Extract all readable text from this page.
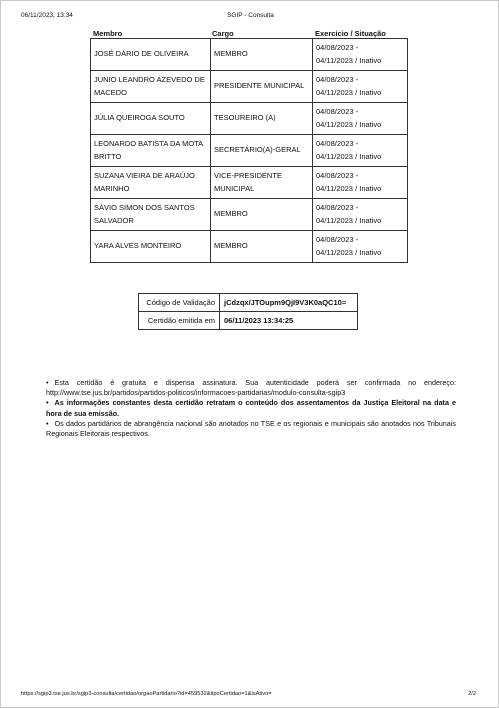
06/11/2023, 13:34	SGIP - Consulta
Membro	Cargo	Exercício / Situação
JOSÉ DÁRIO DE OLIVEIRA	MEMBRO	04/08/2023 -
04/11/2023 / Inativo

JUNIO LEANDRO AZEVEDO DE MACEDO	PRESIDENTE MUNICIPAL	04/08/2023 -
04/11/2023 / Inativo

JÚLIA QUEIROGA SOUTO	TESOUREIRO (A)	04/08/2023 -
04/11/2023 / Inativo

LEONARDO BATISTA DA MOTA BRITTO	SECRETÁRIO(A)-GERAL	04/08/2023 -
04/11/2023 / Inativo

SUZANA VIEIRA DE ARAÚJO MARINHO	VICE-PRESIDENTE MUNICIPAL	04/08/2023 -
04/11/2023 / Inativo

SÁVIO SIMON DOS SANTOS SALVADOR	MEMBRO	04/08/2023 -
04/11/2023 / Inativo

YARA ALVES MONTEIRO	MEMBRO	04/08/2023 -
04/11/2023 / Inativo
Código de Validação	jCdzqx/JTOupm9QjI9V3K0aQC10=
Certidão emitida em	06/11/2023 13:34:25

• Esta certidão é gratuita e dispensa assinatura. Sua autenticidade poderá ser confirmada no endereço: http://www.tse.jus.br/partidos/partidos-politicos/informacoes-partidarias/modulo-consulta-sgip3

• As informações constantes desta certidão retratam o conteúdo dos assentamentos da Justiça Eleitoral na data e hora de sua emissão.

• Os dados partidários de abrangência nacional são anotados no TSE e os regionais e municipais são anotados nos Tribunais Regionais Eleitorais respectivos.

https://sgip3.tse.jus.br/sgip3-consulta/certidao/orgaoPartidario?id=459532&tipoCertidao=1&isAtivo=	2/2
